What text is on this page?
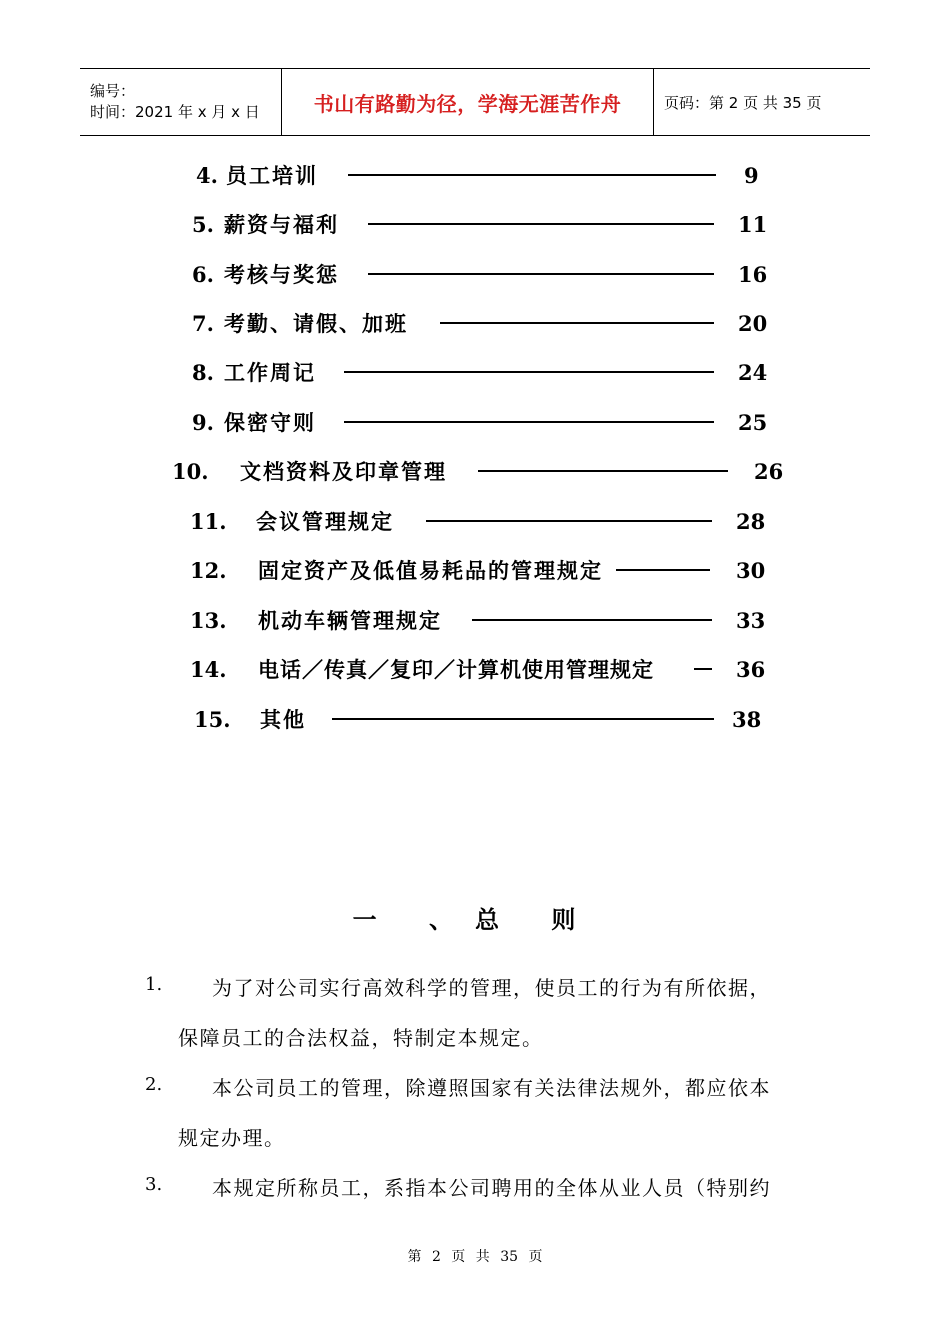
编号：
时间：2021 年 x 月 x 日	书山有路勤为径，学海无涯苦作舟	页码：第 2 页 共 35 页
4. 员工培训	9
5. 薪资与福利	11
6. 考核与奖惩	16
7. 考勤、请假、加班	20
8. 工作周记	24
9. 保密守则	25
10.	文档资料及印章管理	26
11.	会议管理规定	28
12.	固定资产及低值易耗品的管理规定	30
13.	机动车辆管理规定	33
14.	电话／传真／复印／计算机使用管理规定	36
15.	其他	38
一 、总 则
1. 为了对公司实行高效科学的管理，使员工的行为有所依据，
保障员工的合法权益，特制定本规定。
2. 本公司员工的管理，除遵照国家有关法律法规外，都应依本
规定办理。
3. 本规定所称员工，系指本公司聘用的全体从业人员（特别约
第 2 页 共 35 页
